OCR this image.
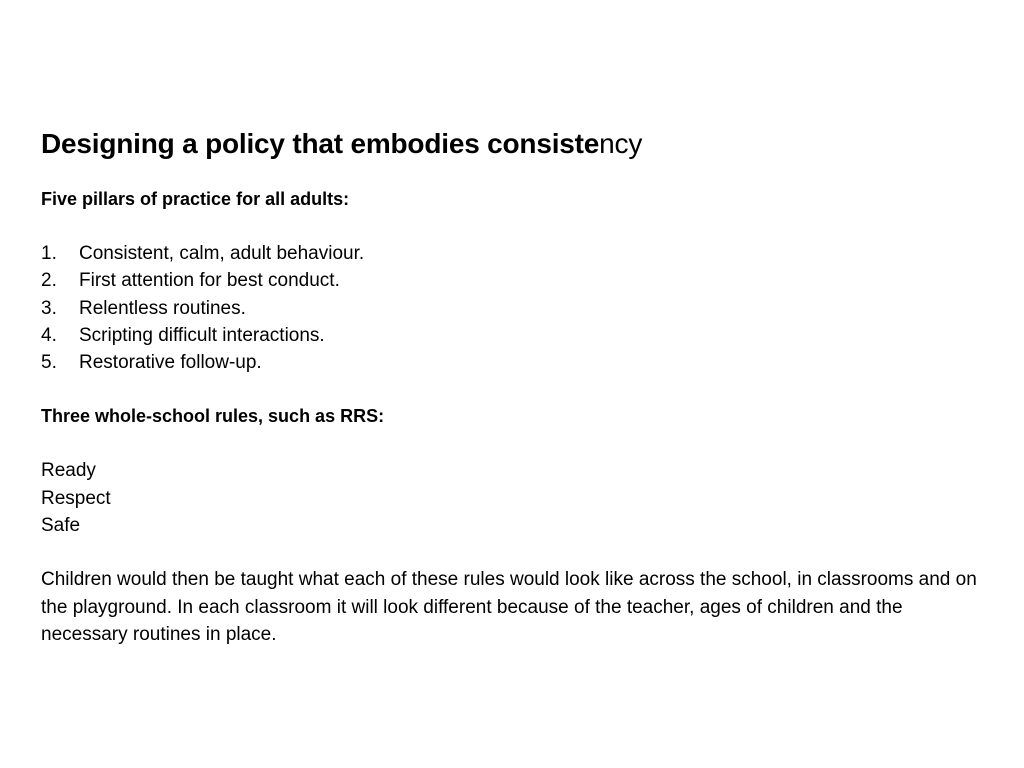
Designing a policy that embodies consistency

Five pillars of practice for all adults:

1.	Consistent, calm, adult behaviour.
2.	First attention for best conduct.
3.	Relentless routines.
4.	Scripting difficult interactions.
5.	Restorative follow-up.

Three whole-school rules, such as RRS:

Ready
Respect
Safe

Children would then be taught what each of these rules would look like across the school, in classrooms and on the playground. In each classroom it will look different because of the teacher, ages of children and the necessary routines in place.
